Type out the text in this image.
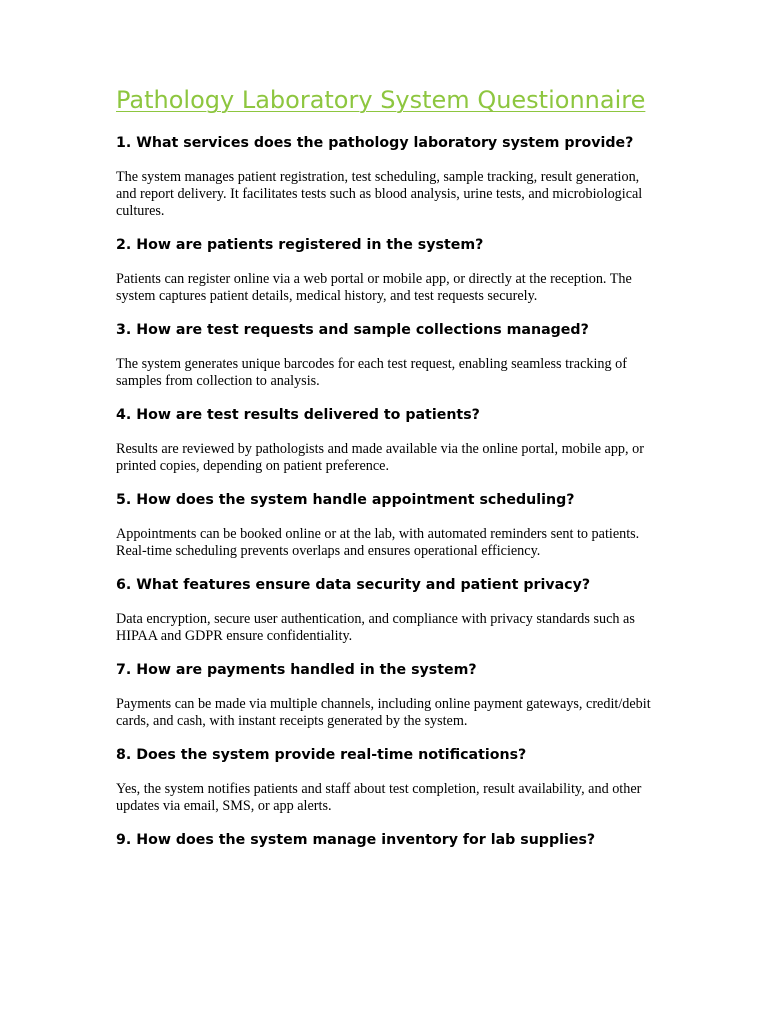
Pathology Laboratory System Questionnaire

1. What services does the pathology laboratory system provide?

The system manages patient registration, test scheduling, sample tracking, result generation, and report delivery. It facilitates tests such as blood analysis, urine tests, and microbiological cultures.

2. How are patients registered in the system?

Patients can register online via a web portal or mobile app, or directly at the reception. The system captures patient details, medical history, and test requests securely.

3. How are test requests and sample collections managed?

The system generates unique barcodes for each test request, enabling seamless tracking of samples from collection to analysis.

4. How are test results delivered to patients?

Results are reviewed by pathologists and made available via the online portal, mobile app, or printed copies, depending on patient preference.

5. How does the system handle appointment scheduling?

Appointments can be booked online or at the lab, with automated reminders sent to patients. Real-time scheduling prevents overlaps and ensures operational efficiency.

6. What features ensure data security and patient privacy?

Data encryption, secure user authentication, and compliance with privacy standards such as HIPAA and GDPR ensure confidentiality.

7. How are payments handled in the system?

Payments can be made via multiple channels, including online payment gateways, credit/debit cards, and cash, with instant receipts generated by the system.

8. Does the system provide real-time notifications?

Yes, the system notifies patients and staff about test completion, result availability, and other updates via email, SMS, or app alerts.

9. How does the system manage inventory for lab supplies?
